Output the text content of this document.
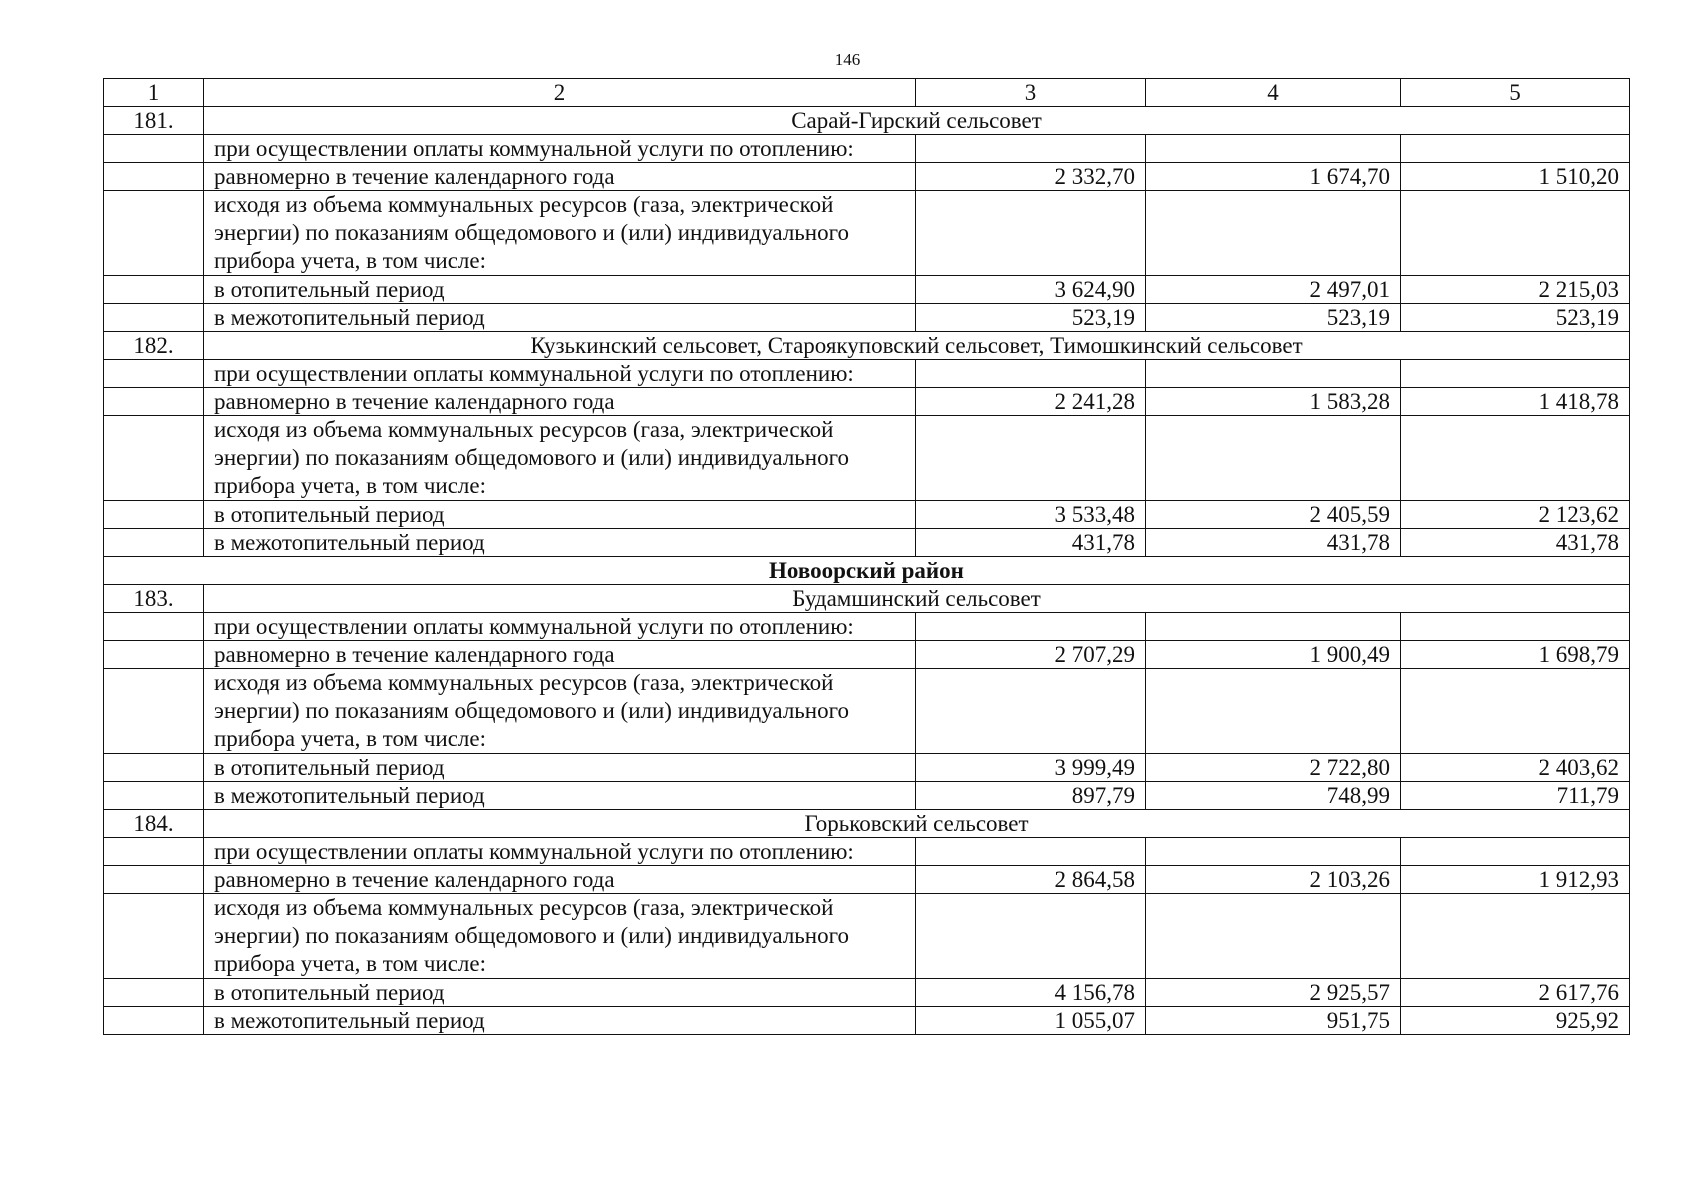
146
1	2	3	4	5
181.	Сарай-Гирский сельсовет			
	при осуществлении оплаты коммунальной услуги по отоплению:			
	равномерно в течение календарного года	2 332,70	1 674,70	1 510,20
	исходя из объема коммунальных ресурсов (газа, электрической энергии) по показаниям общедомового и (или) индивидуального прибора учета, в том числе:			
	в отопительный период	3 624,90	2 497,01	2 215,03
	в межотопительный период	523,19	523,19	523,19
182.	Кузькинский сельсовет, Староякуповский сельсовет, Тимошкинский сельсовет			
	при осуществлении оплаты коммунальной услуги по отоплению:			
	равномерно в течение календарного года	2 241,28	1 583,28	1 418,78
	исходя из объема коммунальных ресурсов (газа, электрической энергии) по показаниям общедомового и (или) индивидуального прибора учета, в том числе:			
	в отопительный период	3 533,48	2 405,59	2 123,62
	в межотопительный период	431,78	431,78	431,78
Новоорский район				
183.	Будамшинский сельсовет			
	при осуществлении оплаты коммунальной услуги по отоплению:			
	равномерно в течение календарного года	2 707,29	1 900,49	1 698,79
	исходя из объема коммунальных ресурсов (газа, электрической энергии) по показаниям общедомового и (или) индивидуального прибора учета, в том числе:			
	в отопительный период	3 999,49	2 722,80	2 403,62
	в межотопительный период	897,79	748,99	711,79
184.	Горьковский сельсовет			
	при осуществлении оплаты коммунальной услуги по отоплению:			
	равномерно в течение календарного года	2 864,58	2 103,26	1 912,93
	исходя из объема коммунальных ресурсов (газа, электрической энергии) по показаниям общедомового и (или) индивидуального прибора учета, в том числе:			
	в отопительный период	4 156,78	2 925,57	2 617,76
	в межотопительный период	1 055,07	951,75	925,92
